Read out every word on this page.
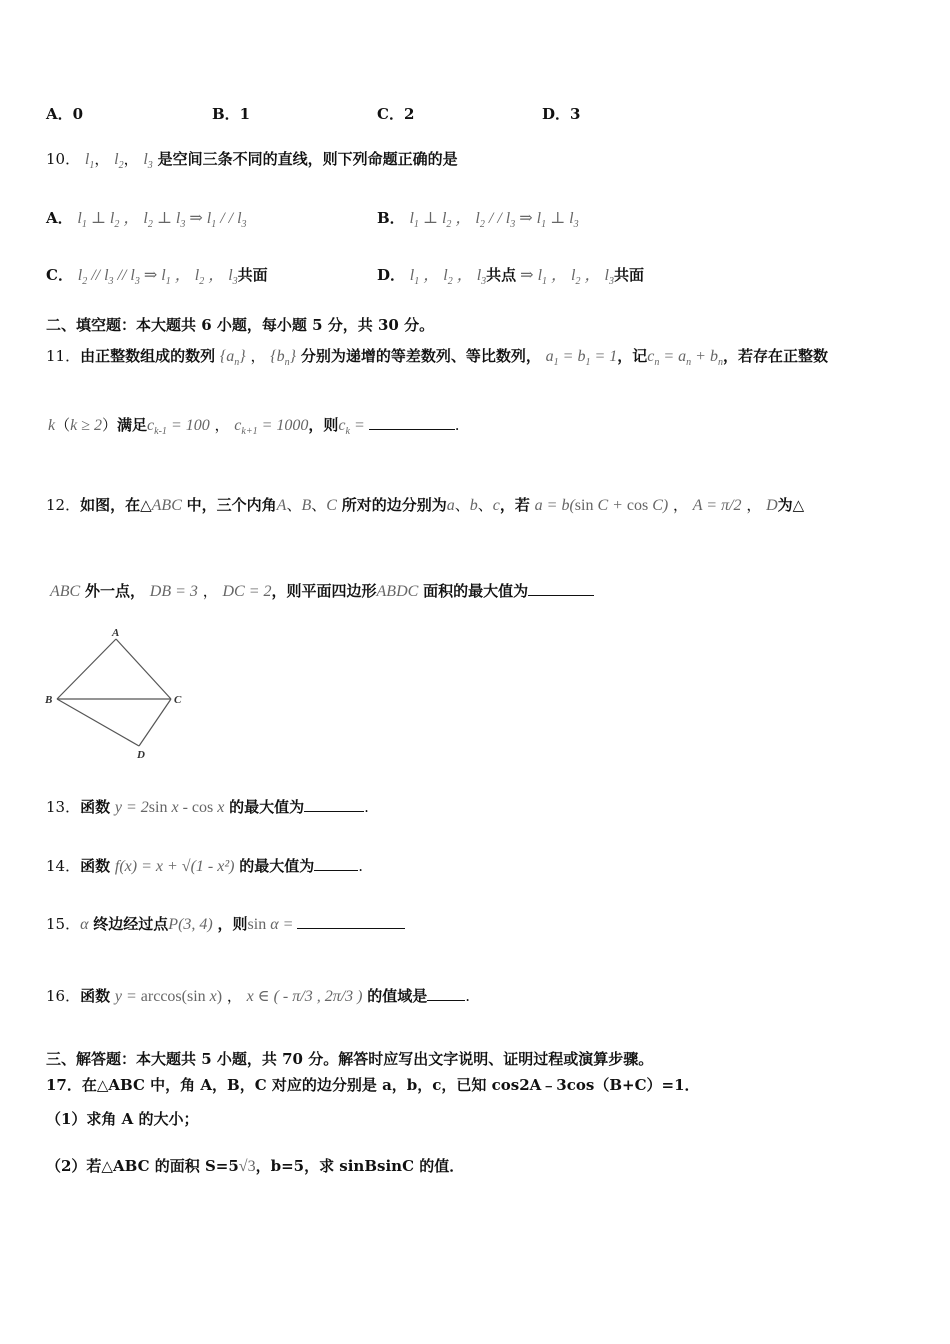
A．0	B．1	C．2	D．3
10． $l_1$， $l_2$， $l_3$ 是空间三条不同的直线，则下列命题正确的是
A． $l_1$ ⊥ $l_2$ ， $l_2$ ⊥ $l_3$ ⇒ $l_1$ / / $l_3$	B． $l_1$ ⊥ $l_2$ ， $l_2$ / / $l_3$ ⇒ $l_1$ ⊥ $l_3$
C． $l_2 // l_3 // l_3$ ⇒ $l_1$ ， $l_2$ ， $l_3$共面	D． $l_1$ ， $l_2$ ， $l_3$共点 ⇒ $l_1$ ， $l_2$ ， $l_3$共面
二、填空题：本大题共 6 小题，每小题 5 分，共 30 分。
11．由正整数组成的数列 $\{a_n\}$ ， $\{b_n\}$ 分别为递增的等差数列、等比数列， $a_1 = b_1 = 1$，记$c_n = a_n + b_n$，若存在正整数
k（k ≥ 2）满足$c_{k-1} = 100$ ， $c_{k+1} = 1000$，则$c_k$ =	.
12．如图，在△ABC 中，三个内角A、B、C 所对的边分别为a、b、c，若 a = b(sin C + cos C) ， A = π/2 ， D为△
ABC 外一点， DB = 3 ， DC = 2，则平面四边形ABDC 面积的最大值为
A
B	C
D
13．函数 y = 2sin x - cos x 的最大值为	.
14．函数 f(x) = x + √(1 - x²) 的最大值为	.
15．α 终边经过点P(3, 4) ，则sin α =
16．函数 y = arccos(sin x) ， x ∈ ( - π/3 , 2π/3 ) 的值域是	.
三、解答题：本大题共 5 小题，共 70 分。解答时应写出文字说明、证明过程或演算步骤。
17．在△ABC 中，角 A，B，C 对应的边分别是 a，b，c，已知 cos2A﹣3cos（B+C）=1．
（1）求角 A 的大小；
（2）若△ABC 的面积 S=5√3，b=5，求 sinBsinC 的值．
